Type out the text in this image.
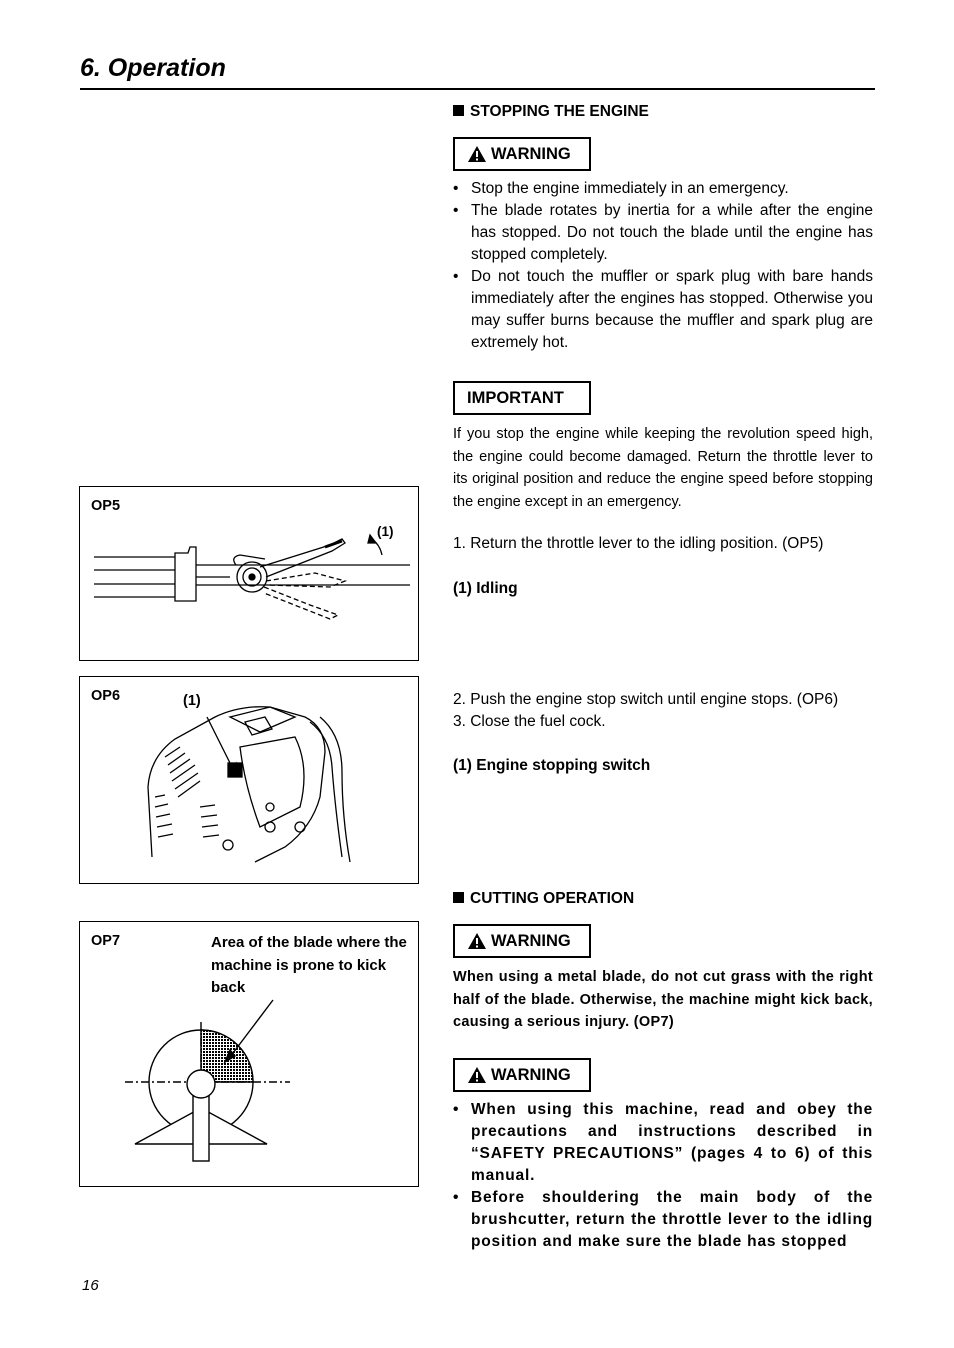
6. Operation
STOPPING THE ENGINE
WARNING
• Stop the engine immediately in an emergency.
• The blade rotates by inertia for a while after the engine has stopped. Do not touch the blade until the engine has stopped completely.
• Do not touch the muffler or spark plug with bare hands immediately after the engines has stopped. Otherwise you may suffer burns because the muffler and spark plug are extremely hot.
IMPORTANT
If you stop the engine while keeping the revolution speed high, the engine could become damaged. Return the throttle lever to its original position and reduce the engine speed before stopping the engine except in an emergency.
1. Return the throttle lever to the idling position. (OP5)
(1) Idling
2. Push the engine stop switch until engine stops. (OP6)
3. Close the fuel cock.
(1) Engine stopping switch
CUTTING OPERATION
WARNING
When using a metal blade, do not cut grass with the right half of the blade. Otherwise, the machine might kick back, causing a serious injury. (OP7)
WARNING
• When using this machine, read and obey the precautions and instructions described in “SAFETY PRECAUTIONS” (pages 4 to 6) of this manual.
• Before shouldering the main body of the brushcutter, return the throttle lever to the idling position and make sure the blade has stopped
OP5
(1)
OP6	(1)
OP7	Area of the blade where the machine is prone to kick back
16
